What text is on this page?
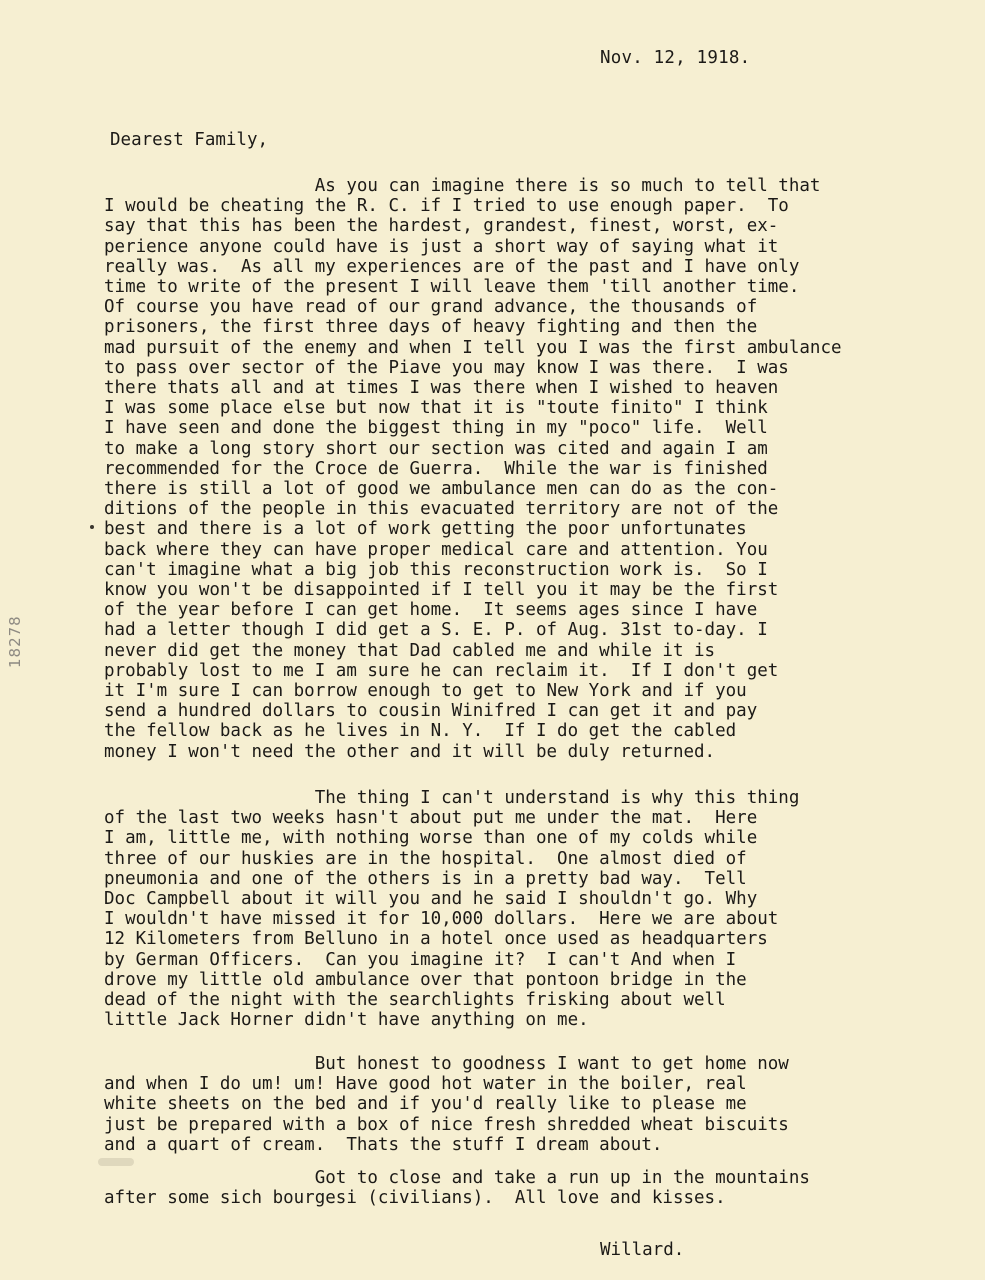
Nov. 12, 1918.
Dearest Family,

As you can imagine there is so much to tell that
I would be cheating the R. C. if I tried to use enough paper.  To
say that this has been the hardest, grandest, finest, worst, ex-
perience anyone could have is just a short way of saying what it
really was.  As all my experiences are of the past and I have only
time to write of the present I will leave them 'till another time.
Of course you have read of our grand advance, the thousands of
prisoners, the first three days of heavy fighting and then the
mad pursuit of the enemy and when I tell you I was the first ambulance
to pass over sector of the Piave you may know I was there.  I was
there thats all and at times I was there when I wished to heaven
I was some place else but now that it is "toute finito" I think
I have seen and done the biggest thing in my "poco" life.  Well
to make a long story short our section was cited and again I am
recommended for the Croce de Guerra.  While the war is finished
there is still a lot of good we ambulance men can do as the con-
ditions of the people in this evacuated territory are not of the
best and there is a lot of work getting the poor unfortunates
back where they can have proper medical care and attention. You
can't imagine what a big job this reconstruction work is.  So I
know you won't be disappointed if I tell you it may be the first
of the year before I can get home.  It seems ages since I have
had a letter though I did get a S. E. P. of Aug. 31st to-day. I
never did get the money that Dad cabled me and while it is
probably lost to me I am sure he can reclaim it.  If I don't get
it I'm sure I can borrow enough to get to New York and if you
send a hundred dollars to cousin Winifred I can get it and pay
the fellow back as he lives in N. Y.  If I do get the cabled
money I won't need the other and it will be duly returned.

The thing I can't understand is why this thing
of the last two weeks hasn't about put me under the mat.  Here
I am, little me, with nothing worse than one of my colds while
three of our huskies are in the hospital.  One almost died of
pneumonia and one of the others is in a pretty bad way.  Tell
Doc Campbell about it will you and he said I shouldn't go. Why
I wouldn't have missed it for 10,000 dollars.  Here we are about
12 Kilometers from Belluno in a hotel once used as headquarters
by German Officers.  Can you imagine it?  I can't And when I
drove my little old ambulance over that pontoon bridge in the
dead of the night with the searchlights frisking about well
little Jack Horner didn't have anything on me.

But honest to goodness I want to get home now
and when I do um! um! Have good hot water in the boiler, real
white sheets on the bed and if you'd really like to please me
just be prepared with a box of nice fresh shredded wheat biscuits
and a quart of cream.  Thats the stuff I dream about.

Got to close and take a run up in the mountains
after some sich bourgesi (civilians).  All love and kisses.

Willard.
18278
